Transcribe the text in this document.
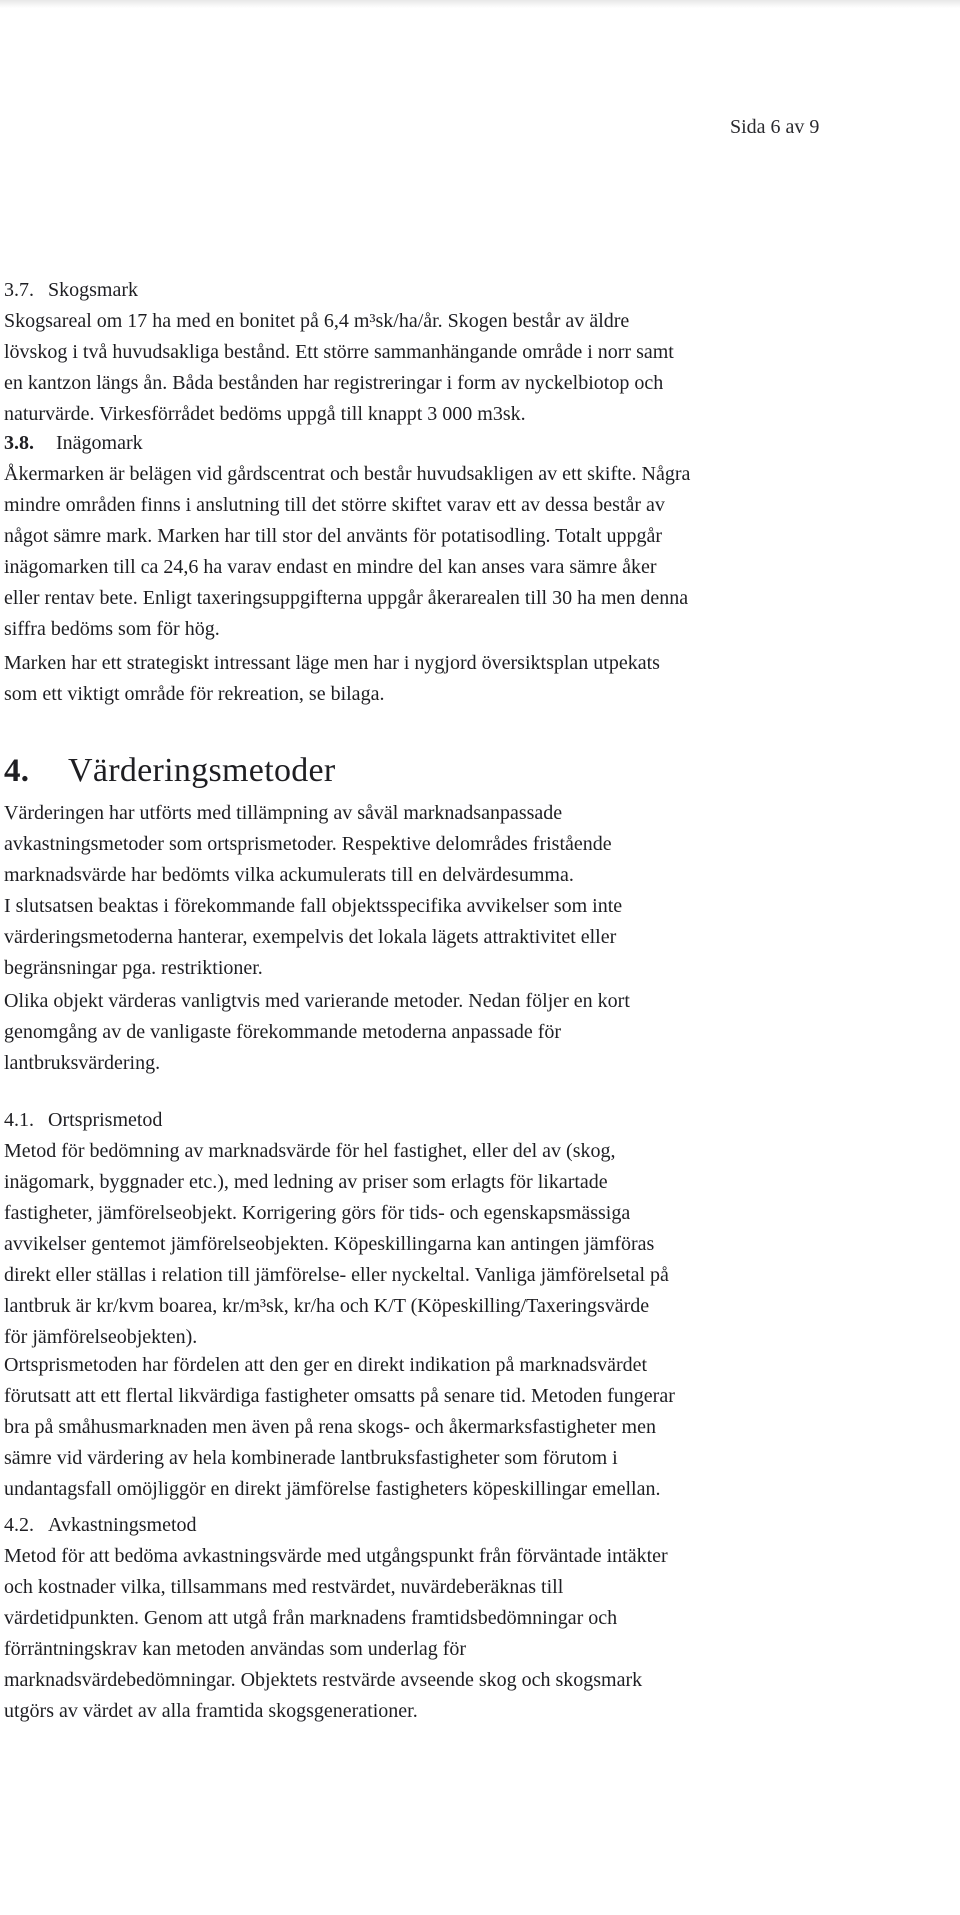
Sida 6 av 9
3.7. Skogsmark

Skogsareal om 17 ha med en bonitet på 6,4 m³sk/ha/år. Skogen består av äldre
lövskog i två huvudsakliga bestånd. Ett större sammanhängande område i norr samt
en kantzon längs ån. Båda bestånden har registreringar i form av nyckelbiotop och
naturvärde. Virkesförrådet bedöms uppgå till knappt 3 000 m3sk.

3.8. Inägomark

Åkermarken är belägen vid gårdscentrat och består huvudsakligen av ett skifte. Några
mindre områden finns i anslutning till det större skiftet varav ett av dessa består av
något sämre mark. Marken har till stor del använts för potatisodling. Totalt uppgår
inägomarken till ca 24,6 ha varav endast en mindre del kan anses vara sämre åker
eller rentav bete. Enligt taxeringsuppgifterna uppgår åkerarealen till 30 ha men denna
siffra bedöms som för hög.

Marken har ett strategiskt intressant läge men har i nygjord översiktsplan utpekats
som ett viktigt område för rekreation, se bilaga.

4. Värderingsmetoder

Värderingen har utförts med tillämpning av såväl marknadsanpassade
avkastningsmetoder som ortsprismetoder. Respektive delområdes fristående
marknadsvärde har bedömts vilka ackumulerats till en delvärdesumma.
I slutsatsen beaktas i förekommande fall objektsspecifika avvikelser som inte
värderingsmetoderna hanterar, exempelvis det lokala lägets attraktivitet eller
begränsningar pga. restriktioner.

Olika objekt värderas vanligtvis med varierande metoder. Nedan följer en kort
genomgång av de vanligaste förekommande metoderna anpassade för
lantbruksvärdering.

4.1. Ortsprismetod

Metod för bedömning av marknadsvärde för hel fastighet, eller del av (skog,
inägomark, byggnader etc.), med ledning av priser som erlagts för likartade
fastigheter, jämförelseobjekt. Korrigering görs för tids- och egenskapsmässiga
avvikelser gentemot jämförelseobjekten. Köpeskillingarna kan antingen jämföras
direkt eller ställas i relation till jämförelse- eller nyckeltal. Vanliga jämförelsetal på
lantbruk är kr/kvm boarea, kr/m³sk, kr/ha och K/T (Köpeskilling/Taxeringsvärde
för jämförelseobjekten).

Ortsprismetoden har fördelen att den ger en direkt indikation på marknadsvärdet
förutsatt att ett flertal likvärdiga fastigheter omsatts på senare tid. Metoden fungerar
bra på småhusmarknaden men även på rena skogs- och åkermarksfastigheter men
sämre vid värdering av hela kombinerade lantbruksfastigheter som förutom i
undantagsfall omöjliggör en direkt jämförelse fastigheters köpeskillingar emellan.

4.2. Avkastningsmetod

Metod för att bedöma avkastningsvärde med utgångspunkt från förväntade intäkter
och kostnader vilka, tillsammans med restvärdet, nuvärdeberäknas till
värdetidpunkten. Genom att utgå från marknadens framtidsbedömningar och
förräntningskrav kan metoden användas som underlag för
marknadsvärdebedömningar. Objektets restvärde avseende skog och skogsmark
utgörs av värdet av alla framtida skogsgenerationer.
